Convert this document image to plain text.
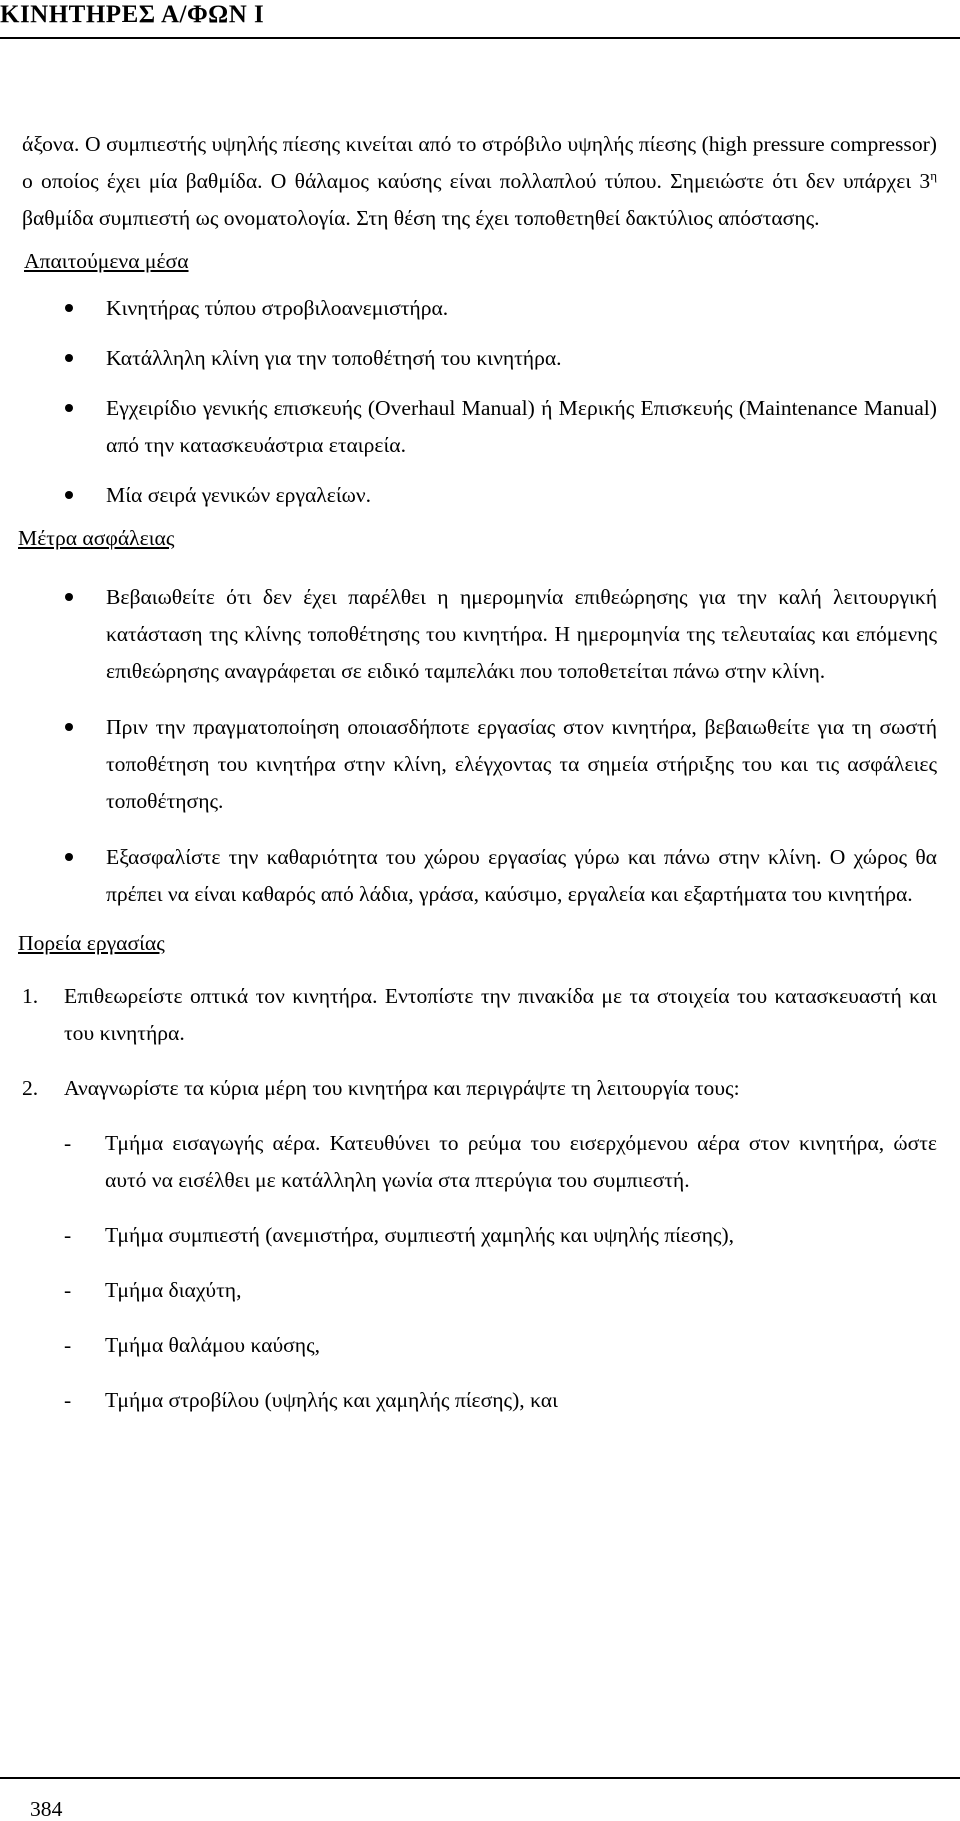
ΚΙΝΗΤΗΡΕΣ Α/ΦΩΝ Ι

άξονα. Ο συμπιεστής υψηλής πίεσης κινείται από το στρόβιλο υψηλής πίεσης (high pressure compressor) ο οποίος έχει μία βαθμίδα. Ο θάλαμος καύσης είναι πολλαπλού τύπου. Σημειώστε ότι δεν υπάρχει $3^\eta$ βαθμίδα συμπιεστή ως ονοματολογία. Στη θέση της έχει τοποθετηθεί δακτύλιος απόστασης.

Απαιτούμενα μέσα

Κινητήρας τύπου στροβιλοανεμιστήρα.
Κατάλληλη κλίνη για την τοποθέτησή του κινητήρα.
Εγχειρίδιο γενικής επισκευής (Overhaul Manual) ή Μερικής Επισκευής (Maintenance Manual) από την κατασκευάστρια εταιρεία.
Μία σειρά γενικών εργαλείων.

Μέτρα ασφάλειας

Βεβαιωθείτε ότι δεν έχει παρέλθει η ημερομηνία επιθεώρησης για την καλή λειτουργική κατάσταση της κλίνης τοποθέτησης του κινητήρα. Η ημερομηνία της τελευταίας και επόμενης επιθεώρησης αναγράφεται σε ειδικό ταμπελάκι που τοποθετείται πάνω στην κλίνη.
Πριν την πραγματοποίηση οποιασδήποτε εργασίας στον κινητήρα, βεβαιωθείτε για τη σωστή τοποθέτηση του κινητήρα στην κλίνη, ελέγχοντας τα σημεία στήριξης του και τις ασφάλειες τοποθέτησης.
Εξασφαλίστε την καθαριότητα του χώρου εργασίας γύρω και πάνω στην κλίνη. Ο χώρος θα πρέπει να είναι καθαρός από λάδια, γράσα, καύσιμο, εργαλεία και εξαρτήματα του κινητήρα.

Πορεία εργασίας

1. Επιθεωρείστε οπτικά τον κινητήρα. Εντοπίστε την πινακίδα με τα στοιχεία του κατασκευαστή και του κινητήρα.
2. Αναγνωρίστε τα κύρια μέρη του κινητήρα και περιγράψτε τη λειτουργία τους:
- Τμήμα εισαγωγής αέρα. Κατευθύνει το ρεύμα του εισερχόμενου αέρα στον κινητήρα, ώστε αυτό να εισέλθει με κατάλληλη γωνία στα πτερύγια του συμπιεστή.
- Τμήμα συμπιεστή (ανεμιστήρα, συμπιεστή χαμηλής και υψηλής πίεσης),
- Τμήμα διαχύτη,
- Τμήμα θαλάμου καύσης,
- Τμήμα στροβίλου (υψηλής και χαμηλής πίεσης), και
384
